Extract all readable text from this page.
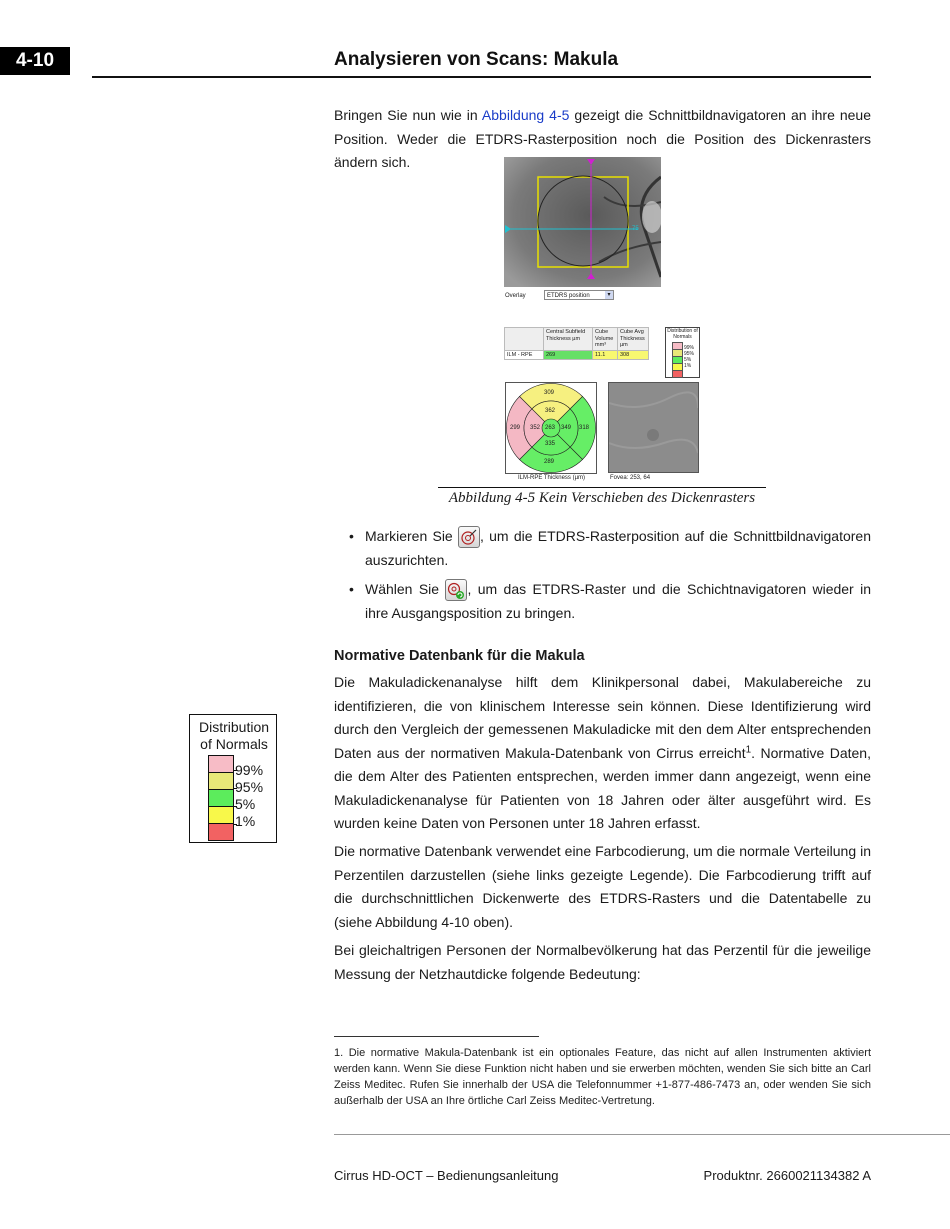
4-10	Analysieren von Scans: Makula
Bringen Sie nun wie in Abbildung 4-5 gezeigt die Schnittbildnavigatoren an ihre neue Position. Weder die ETDRS-Rasterposition noch die Position des Dickenrasters ändern sich.
75
Overlay	ETDRS position	▾
	Central Subfield Thickness µm	Cube Volume mm³	Cube Avg Thickness µm
ILM - RPE	269	11.1	308
Distribution of Normals
99%
95%
5%
1%
309
299	318
289
362
352	349
335
263
ILM-RPE Thickness (µm)	Fovea: 253, 64
Abbildung 4-5 Kein Verschieben des Dickenrasters
• Markieren Sie
, um die ETDRS-Rasterposition auf die Schnittbildnavigatoren auszurichten.
• Wählen Sie
, um das ETDRS-Raster und die Schichtnavigatoren wieder in ihre Ausgangsposition zu bringen.
Normative Datenbank für die Makula
Die Makuladickenanalyse hilft dem Klinikpersonal dabei, Makulabereiche zu identifizieren, die von klinischem Interesse sein können. Diese Identifizierung wird durch den Vergleich der gemessenen Makuladicke mit den dem Alter entsprechenden Daten aus der normativen Makula-Datenbank von Cirrus erreicht$^1$. Normative Daten, die dem Alter des Patienten entsprechen, werden immer dann angezeigt, wenn eine Makuladickenanalyse für Patienten von 18 Jahren oder älter ausgeführt wird. Es wurden keine Daten von Personen unter 18 Jahren erfasst.
Die normative Datenbank verwendet eine Farbcodierung, um die normale Verteilung in Perzentilen darzustellen (siehe links gezeigte Legende). Die Farbcodierung trifft auf die durchschnittlichen Dickenwerte des ETDRS-Rasters und die Datentabelle zu (siehe Abbildung 4-10 oben).
Bei gleichaltrigen Personen der Normalbevölkerung hat das Perzentil für die jeweilige Messung der Netzhautdicke folgende Bedeutung:
Distribution
of Normals
99%
95%
5%
1%
1. Die normative Makula-Datenbank ist ein optionales Feature, das nicht auf allen Instrumenten aktiviert werden kann. Wenn Sie diese Funktion nicht haben und sie erwerben möchten, wenden Sie sich bitte an Carl Zeiss Meditec. Rufen Sie innerhalb der USA die Telefonnummer +1-877-486-7473 an, oder wenden Sie sich außerhalb der USA an Ihre örtliche Carl Zeiss Meditec-Vertretung.
Cirrus HD-OCT – Bedienungsanleitung	Produktnr. 2660021134382 A
